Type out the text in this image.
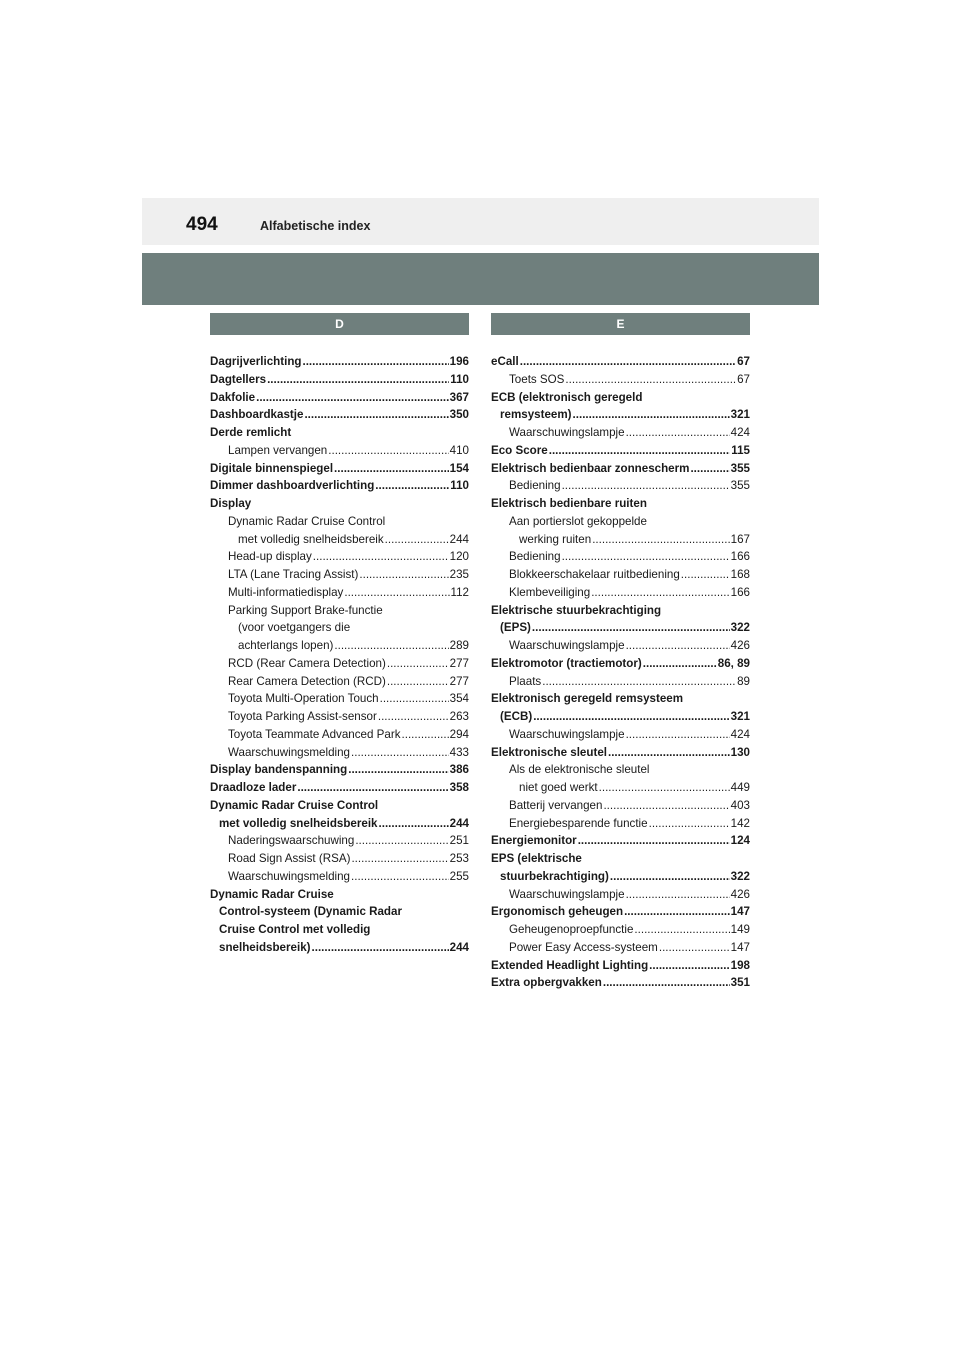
494	Alfabetische index
D
Dagrijverlichting .....	196
Dagtellers .....	110
Dakfolie .....	367
Dashboardkastje .....	350
Derde remlicht
Lampen vervangen .....	410
Digitale binnenspiegel .....	154
Dimmer dashboardverlichting .....	110
Display
Dynamic Radar Cruise Control
met volledig snelheidsbereik .....	244
Head-up display .....	120
LTA (Lane Tracing Assist) .....	235
Multi-informatiedisplay .....	112
Parking Support Brake-functie
(voor voetgangers die
achterlangs lopen) .....	289
RCD (Rear Camera Detection) .....	277
Rear Camera Detection (RCD) .....	277
Toyota Multi-Operation Touch .....	354
Toyota Parking Assist-sensor .....	263
Toyota Teammate Advanced Park .....	294
Waarschuwingsmelding .....	433
Display bandenspanning .....	386
Draadloze lader .....	358
Dynamic Radar Cruise Control
met volledig snelheidsbereik .....	244
Naderingswaarschuwing .....	251
Road Sign Assist (RSA) .....	253
Waarschuwingsmelding .....	255
Dynamic Radar Cruise
Control-systeem (Dynamic Radar
Cruise Control met volledig
snelheidsbereik) .....	244
E
eCall .....	67
Toets SOS .....	67
ECB (elektronisch geregeld
remsysteem) .....	321
Waarschuwingslampje .....	424
Eco Score .....	115
Elektrisch bedienbaar zonnescherm .....	355
Bediening .....	355
Elektrisch bedienbare ruiten
Aan portierslot gekoppelde
werking ruiten .....	167
Bediening .....	166
Blokkeerschakelaar ruitbediening .....	168
Klembeveiliging .....	166
Elektrische stuurbekrachtiging
(EPS) .....	322
Waarschuwingslampje .....	426
Elektromotor (tractiemotor) .....	86, 89
Plaats .....	89
Elektronisch geregeld remsysteem
(ECB) .....	321
Waarschuwingslampje .....	424
Elektronische sleutel .....	130
Als de elektronische sleutel
niet goed werkt .....	449
Batterij vervangen .....	403
Energiebesparende functie .....	142
Energiemonitor .....	124
EPS (elektrische
stuurbekrachtiging) .....	322
Waarschuwingslampje .....	426
Ergonomisch geheugen .....	147
Geheugenoproepfunctie .....	149
Power Easy Access-systeem .....	147
Extended Headlight Lighting .....	198
Extra opbergvakken .....	351
